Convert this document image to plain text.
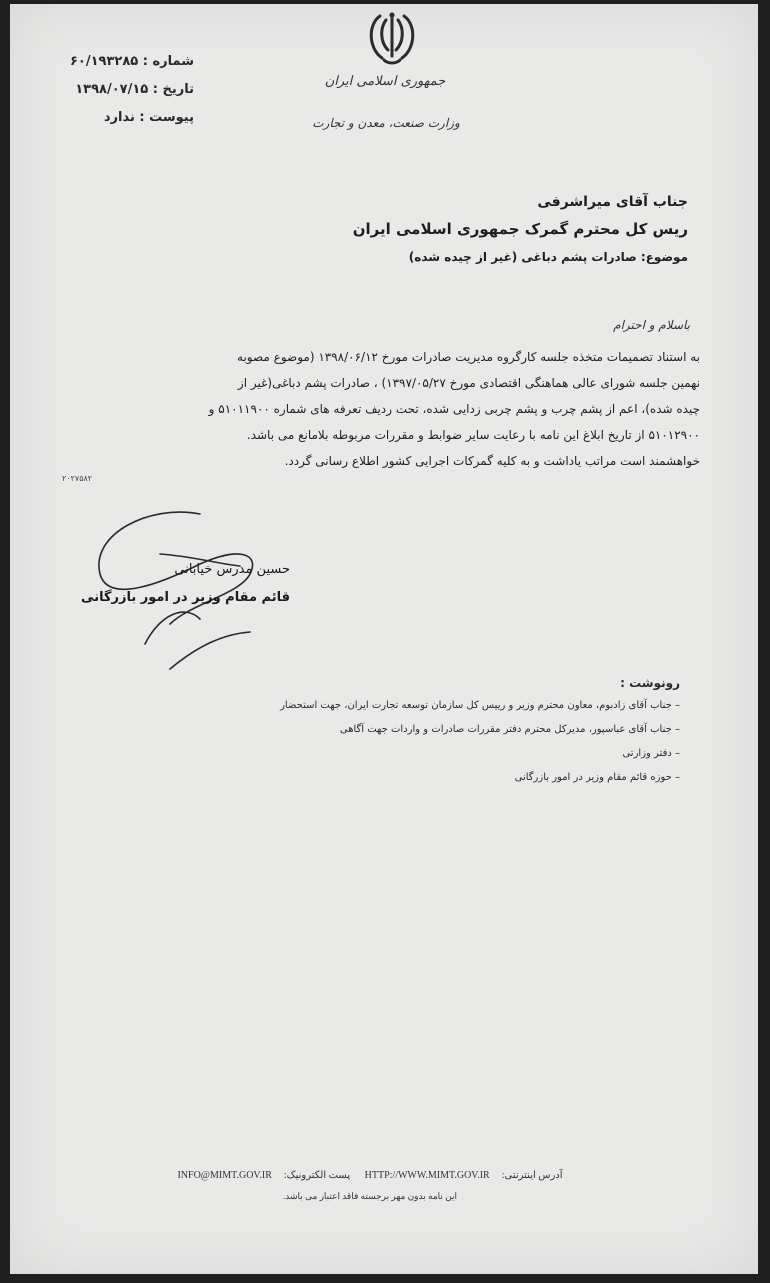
جمهوری اسلامی ایران
وزارت صنعت، معدن و تجارت
شماره : ۶۰/۱۹۳۲۸۵
تاریخ : ۱۳۹۸/۰۷/۱۵
پیوست : ندارد
جناب آقای میراشرفی
ریس کل محترم گمرک جمهوری اسلامی ایران
موضوع: صادرات پشم دباغی (غیر از چیده شده)
باسلام و احترام
به استناد تصمیمات متخذه جلسه کارگروه مدیریت صادرات مورخ ۱۳۹۸/۰۶/۱۲ (موضوع مصوبه
نهمین جلسه شورای عالی هماهنگی اقتصادی مورخ ۱۳۹۷/۰۵/۲۷) ، صادرات پشم دباغی(غیر از
چیده شده)، اعم از پشم چرب و پشم چربی زدایی شده، تحت ردیف تعرفه های شماره ۵۱۰۱۱۹۰۰ و
۵۱۰۱۲۹۰۰ از تاریخ ابلاغ این نامه با رعایت سایر ضوابط و مقررات مربوطه بلامانع می باشد.
خواهشمند است مراتب یاداشت و به کلیه گمرکات اجرایی کشور اطلاع رسانی گردد.
۲۰۲۷۵۸۲
حسین مدرس خیابانی
قائم مقام وزیر در امور بازرگانی
رونوشت :
– جناب آقای زادبوم، معاون محترم وزیر و رییس کل سازمان توسعه تجارت ایران، جهت استحضار
– جناب آقای عباسپور، مدیرکل محترم دفتر مقررات صادرات و واردات جهت آگاهی
– دفتر وزارتی
– حوزه قائم مقام وزیر در امور بازرگانی
آدرس اینترنتی:HTTP://WWW.MIMT.GOV.IR پست الکترونیک:INFO@MIMT.GOV.IR
این نامه بدون مهر برجسته فاقد اعتبار می باشد.
